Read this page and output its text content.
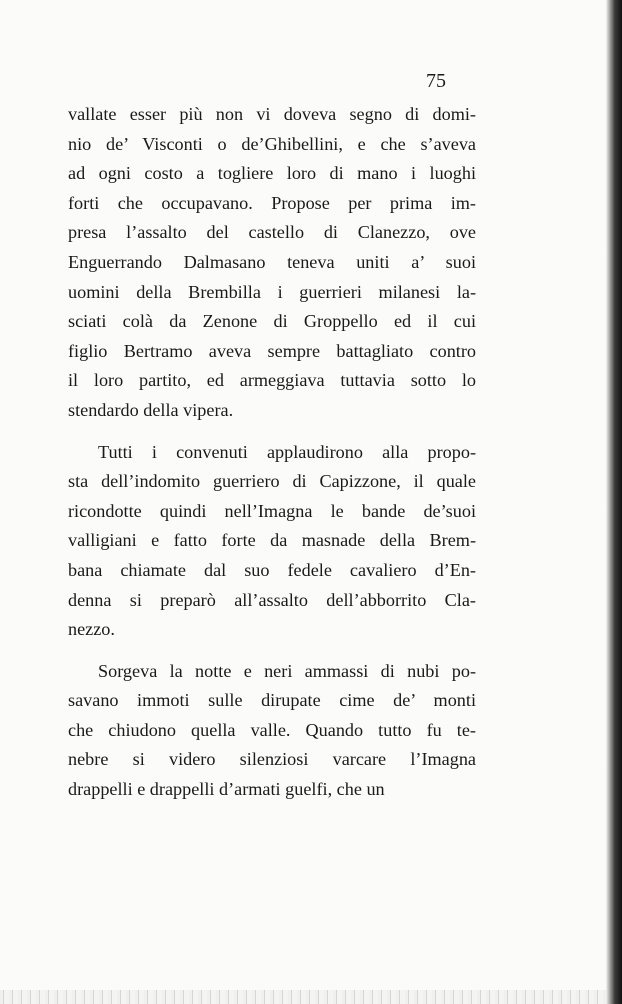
75
vallate esser più non vi doveva segno di domi-
nio de’ Visconti o de’Ghibellini, e che s’aveva
ad ogni costo a togliere loro di mano i luoghi
forti che occupavano. Propose per prima im-
presa l’assalto del castello di Clanezzo, ove
Enguerrando Dalmasano teneva uniti a’ suoi
uomini della Brembilla i guerrieri milanesi la-
sciati colà da Zenone di Groppello ed il cui
figlio Bertramo aveva sempre battagliato contro
il loro partito, ed armeggiava tuttavia sotto lo
stendardo della vipera.
Tutti i convenuti applaudirono alla propo-
sta dell’indomito guerriero di Capizzone, il quale
ricondotte quindi nell’Imagna le bande de’suoi
valligiani e fatto forte da masnade della Brem-
bana chiamate dal suo fedele cavaliero d’En-
denna si preparò all’assalto dell’abborrito Cla-
nezzo.
Sorgeva la notte e neri ammassi di nubi po-
savano immoti sulle dirupate cime de’ monti
che chiudono quella valle. Quando tutto fu te-
nebre si videro silenziosi varcare l’Imagna
drappelli e drappelli d’armati guelfi, che un
